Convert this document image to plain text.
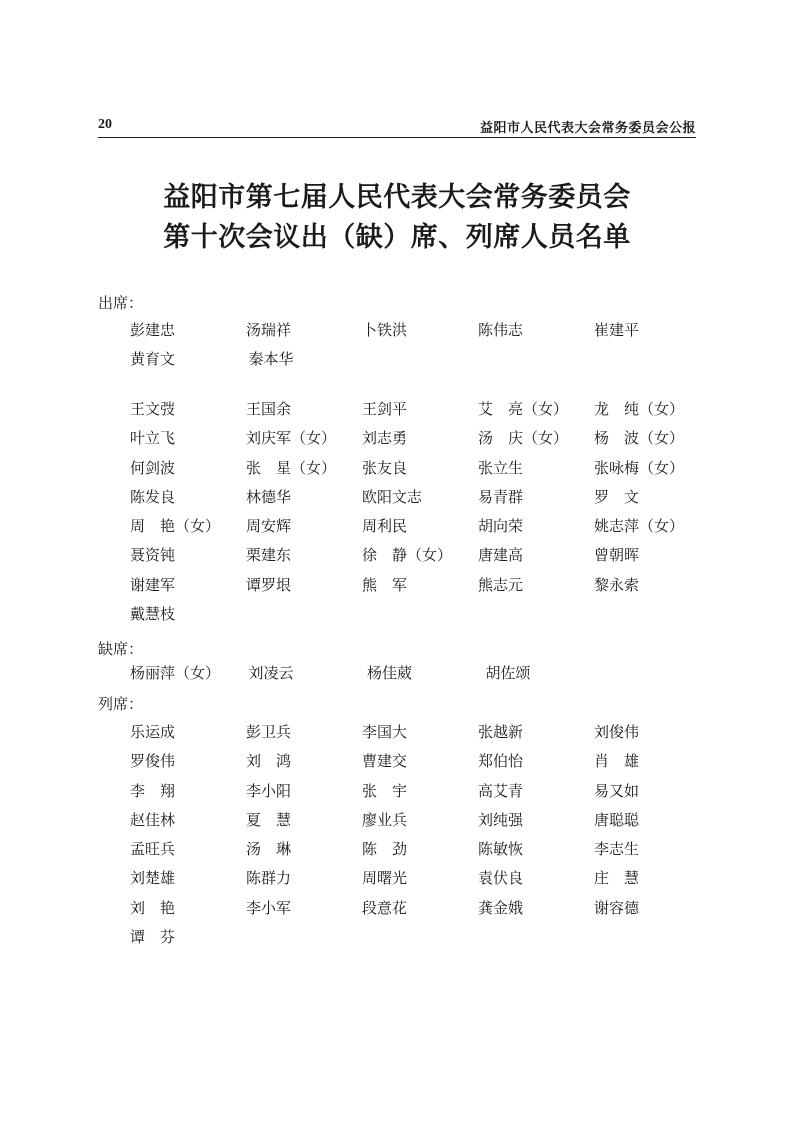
20	益阳市人民代表大会常务委员会公报
益阳市第七届人民代表大会常务委员会
第十次会议出（缺）席、列席人员名单
出席：
彭建忠	汤瑞祥	卜铁洪	陈伟志	崔建平
黄育文	秦本华
王文弢	王国余	王剑平	艾　亮（女）	龙　纯（女）
叶立飞	刘庆军（女）	刘志勇	汤　庆（女）	杨　波（女）
何剑波	张　星（女）	张友良	张立生	张咏梅（女）
陈发良	林德华	欧阳文志	易青群	罗　文
周　艳（女）	周安辉	周利民	胡向荣	姚志萍（女）
聂资钝	栗建东	徐　静（女）	唐建高	曾朝晖
谢建军	谭罗垠	熊　军	熊志元	黎永索
戴慧枝
缺席：
杨丽萍（女）	刘凌云	杨佳葳	胡佐颂
列席：
乐运成	彭卫兵	李国大	张越新	刘俊伟
罗俊伟	刘　鸿	曹建交	郑伯怡	肖　雄
李　翔	李小阳	张　宇	高艾青	易又如
赵佳林	夏　慧	廖业兵	刘纯强	唐聪聪
孟旺兵	汤　琳	陈　劲	陈敏恢	李志生
刘楚雄	陈群力	周曙光	袁伏良	庄　慧
刘　艳	李小军	段意花	龚金娥	谢容德
谭　芬
